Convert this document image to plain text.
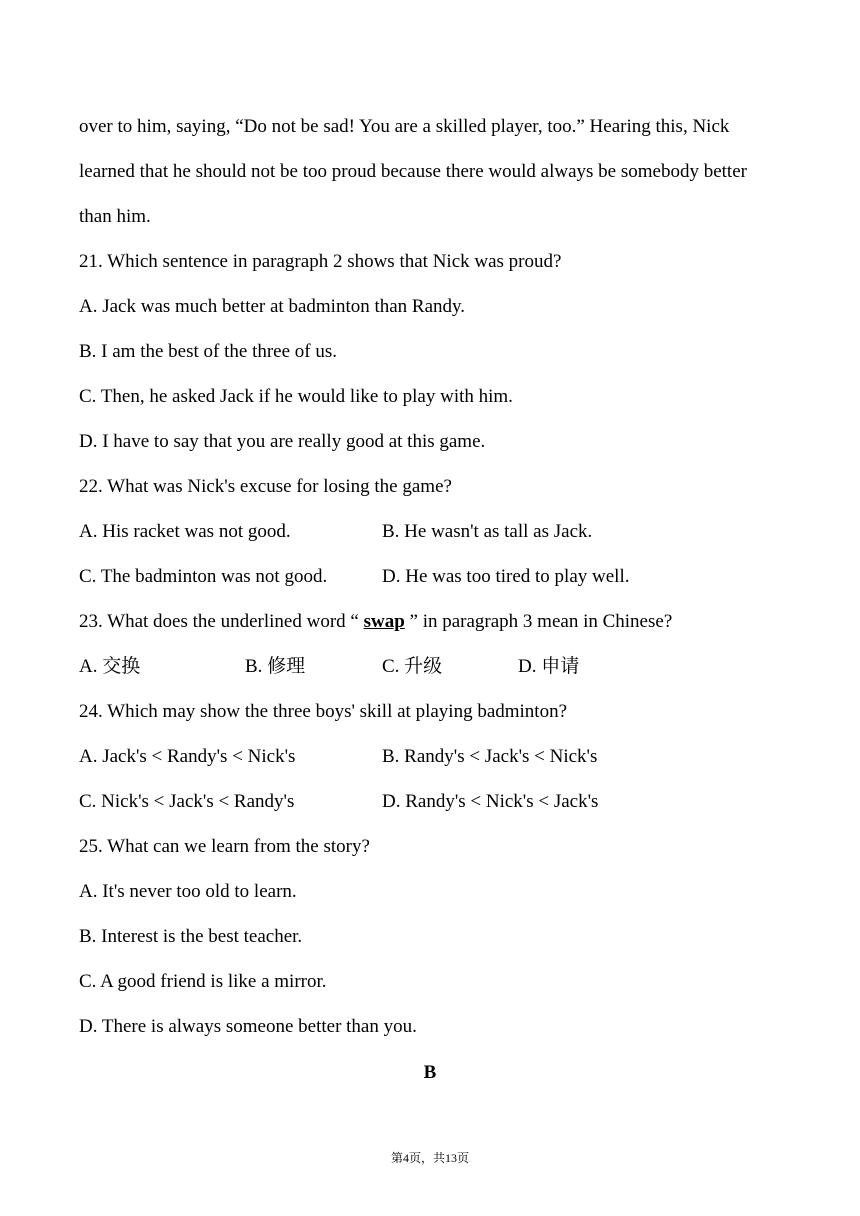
over to him, saying, “Do not be sad! You are a skilled player, too.” Hearing this, Nick
learned that he should not be too proud because there would always be somebody better
than him.
21. Which sentence in paragraph 2 shows that Nick was proud?
A. Jack was much better at badminton than Randy.
B. I am the best of the three of us.
C. Then, he asked Jack if he would like to play with him.
D. I have to say that you are really good at this game.
22. What was Nick's excuse for losing the game?
A. His racket was not good.	B. He wasn't as tall as Jack.
C. The badminton was not good.	D. He was too tired to play well.
23. What does the underlined word “ swap ” in paragraph 3 mean in Chinese?
A. 交换	B. 修理	C. 升级	D. 申请
24. Which may show the three boys' skill at playing badminton?
A. Jack's < Randy's < Nick's	B. Randy's < Jack's < Nick's
C. Nick's < Jack's < Randy's	D. Randy's < Nick's < Jack's
25. What can we learn from the story?
A. It's never too old to learn.
B. Interest is the best teacher.
C. A good friend is like a mirror.
D. There is always someone better than you.
B
第4页，共13页
